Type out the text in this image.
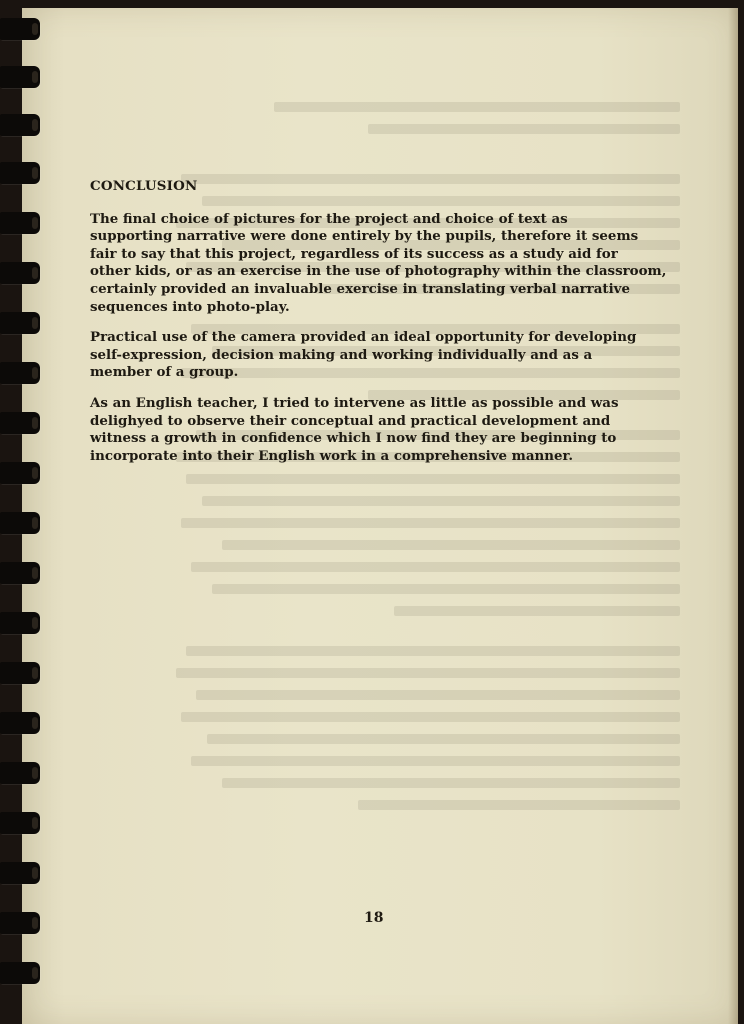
CONCLUSION

The final choice of pictures for the project and choice of text as
supporting narrative were done entirely by the pupils, therefore it seems
fair to say that this project, regardless of its success as a study aid for
other kids, or as an exercise in the use of photography within the classroom,
certainly provided an invaluable exercise in translating verbal narrative
sequences into photo-play.

Practical use of the camera provided an ideal opportunity for developing
self-expression, decision making and working individually and as a
member of a group.

As an English teacher, I tried to intervene as little as possible and was
delighyed to observe their conceptual and practical development and
witness a growth in confidence which I now find they are beginning to
incorporate into their English work in a comprehensive manner.

18
